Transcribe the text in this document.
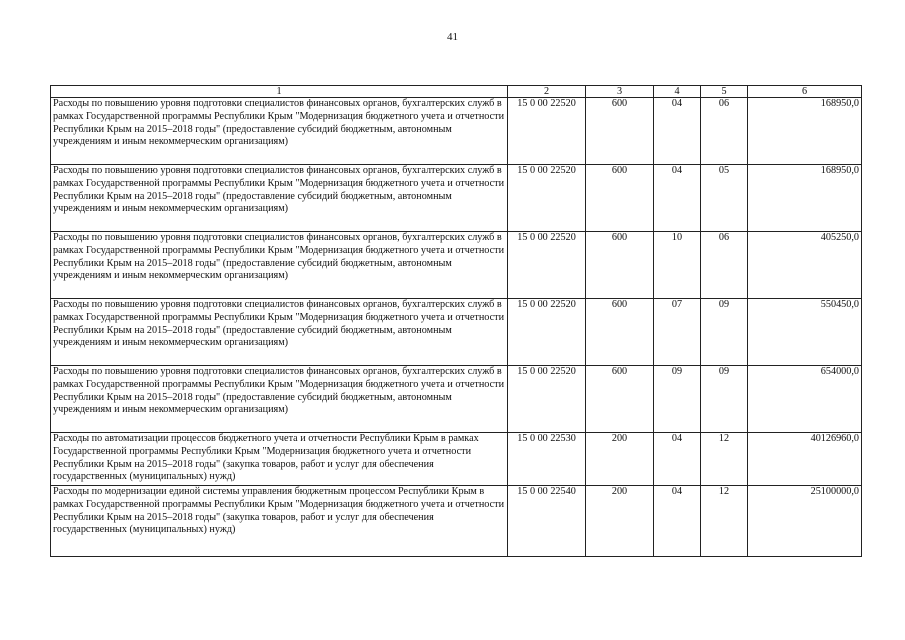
41
1	2	3	4	5	6
Расходы по повышению уровня подготовки специалистов финансовых органов, бухгалтерских служб в рамках Государственной программы Республики Крым "Модернизация бюджетного учета и отчетности Республики Крым на 2015–2018 годы" (предоставление субсидий бюджетным, автономным учреждениям и иным некоммерческим организациям)	15 0 00 22520	600	04	06	168950,0
Расходы по повышению уровня подготовки специалистов финансовых органов, бухгалтерских служб в рамках Государственной программы Республики Крым "Модернизация бюджетного учета и отчетности Республики Крым на 2015–2018 годы" (предоставление субсидий бюджетным, автономным учреждениям и иным некоммерческим организациям)	15 0 00 22520	600	04	05	168950,0
Расходы по повышению уровня подготовки специалистов финансовых органов, бухгалтерских служб в рамках Государственной программы Республики Крым "Модернизация бюджетного учета и отчетности Республики Крым на 2015–2018 годы" (предоставление субсидий бюджетным, автономным учреждениям и иным некоммерческим организациям)	15 0 00 22520	600	10	06	405250,0
Расходы по повышению уровня подготовки специалистов финансовых органов, бухгалтерских служб в рамках Государственной программы Республики Крым "Модернизация бюджетного учета и отчетности Республики Крым на 2015–2018 годы" (предоставление субсидий бюджетным, автономным учреждениям и иным некоммерческим организациям)	15 0 00 22520	600	07	09	550450,0
Расходы по повышению уровня подготовки специалистов финансовых органов, бухгалтерских служб в рамках Государственной программы Республики Крым "Модернизация бюджетного учета и отчетности Республики Крым на 2015–2018 годы" (предоставление субсидий бюджетным, автономным учреждениям и иным некоммерческим организациям)	15 0 00 22520	600	09	09	654000,0
Расходы по автоматизации процессов бюджетного учета и отчетности Республики Крым в рамках Государственной программы Республики Крым "Модернизация бюджетного учета и отчетности Республики Крым на 2015–2018 годы" (закупка товаров, работ и услуг для обеспечения государственных (муниципальных) нужд)	15 0 00 22530	200	04	12	40126960,0
Расходы по модернизации единой системы управления бюджетным процессом Республики Крым в рамках Государственной программы Республики Крым "Модернизация бюджетного учета и отчетности Республики Крым на 2015–2018 годы" (закупка товаров, работ и услуг для обеспечения государственных (муниципальных) нужд)	15 0 00 22540	200	04	12	25100000,0
